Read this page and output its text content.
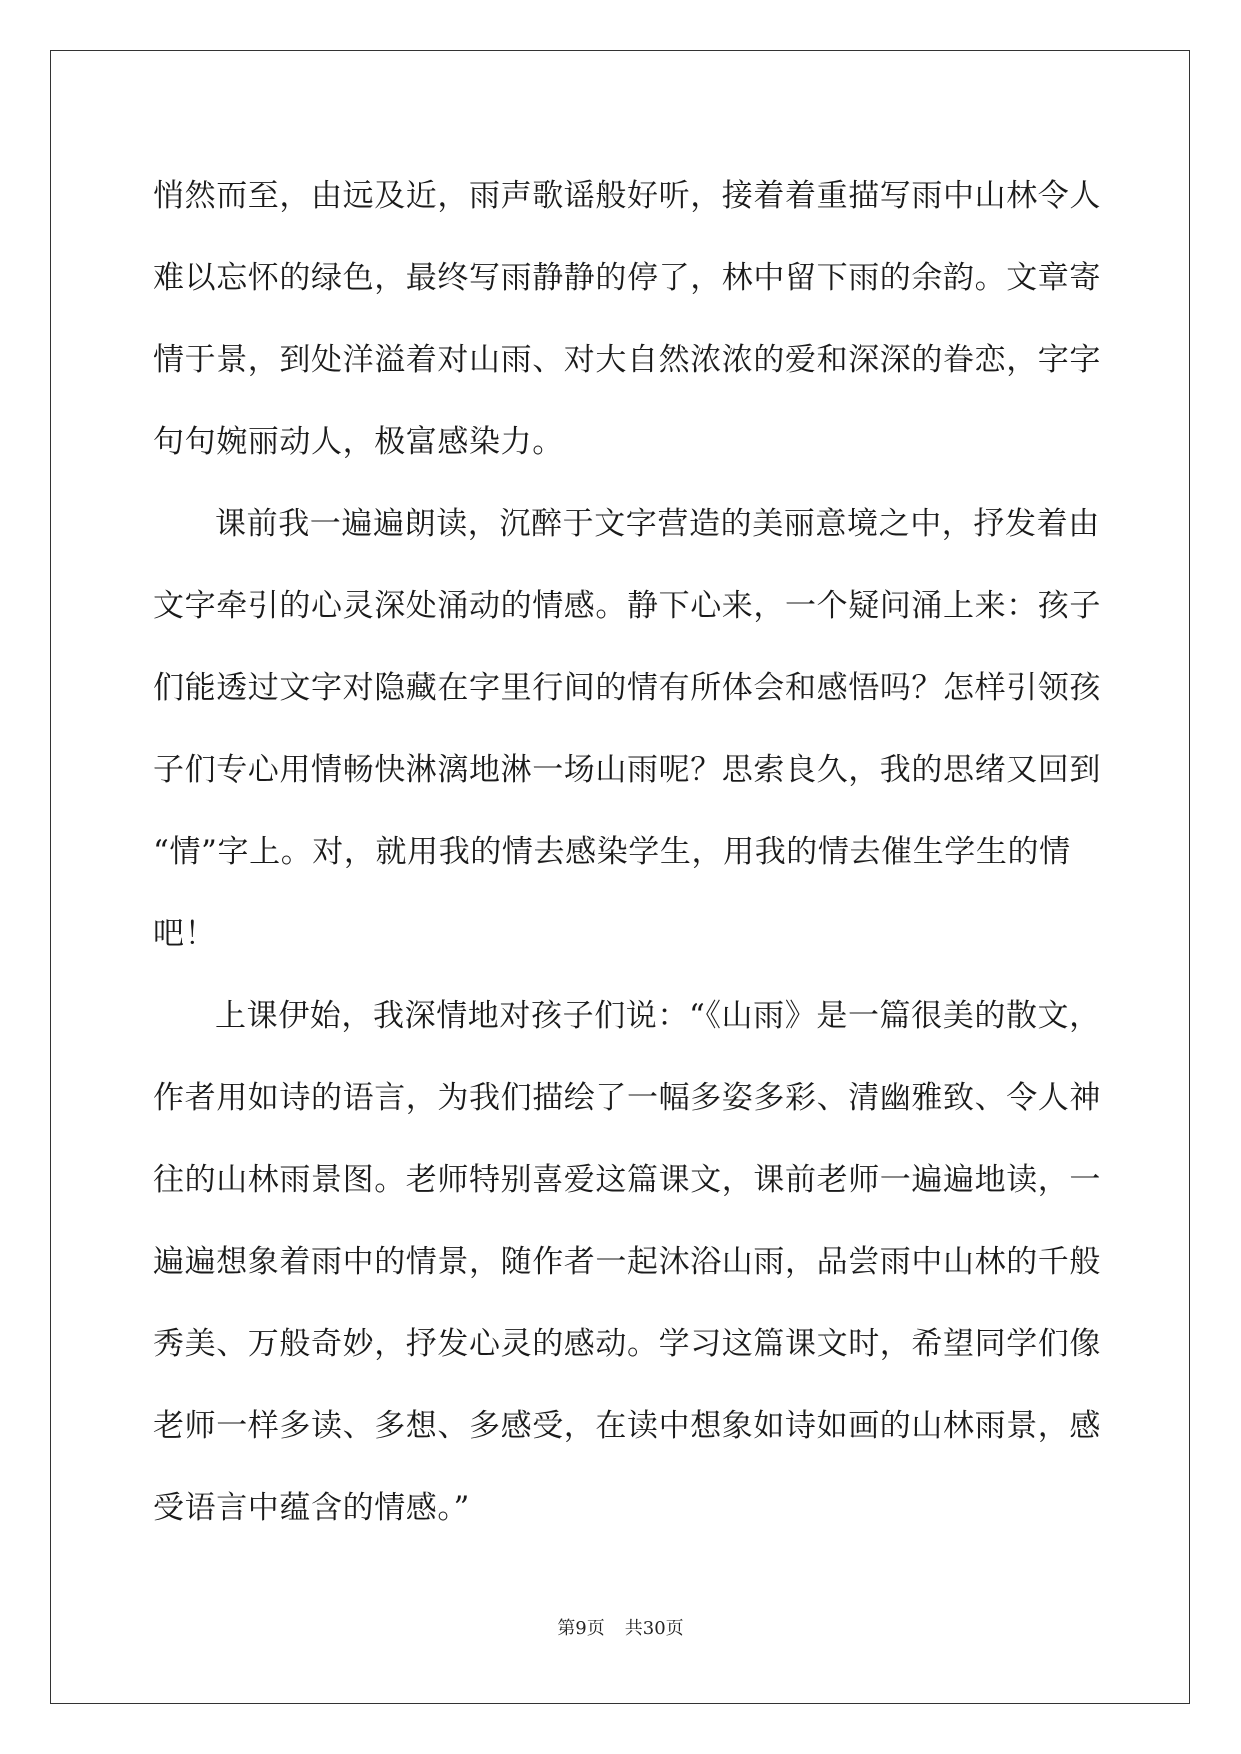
悄然而至，由远及近，雨声歌谣般好听，接着着重描写雨中山林令人
难以忘怀的绿色，最终写雨静静的停了，林中留下雨的余韵。文章寄
情于景，到处洋溢着对山雨、对大自然浓浓的爱和深深的眷恋，字字
句句婉丽动人，极富感染力。
课前我一遍遍朗读，沉醉于文字营造的美丽意境之中，抒发着由
文字牵引的心灵深处涌动的情感。静下心来，一个疑问涌上来：孩子
们能透过文字对隐藏在字里行间的情有所体会和感悟吗？怎样引领孩
子们专心用情畅快淋漓地淋一场山雨呢？思索良久，我的思绪又回到
“情”字上。对，就用我的情去感染学生，用我的情去催生学生的情
吧！
上课伊始，我深情地对孩子们说：“《山雨》是一篇很美的散文，
作者用如诗的语言，为我们描绘了一幅多姿多彩、清幽雅致、令人神
往的山林雨景图。老师特别喜爱这篇课文，课前老师一遍遍地读，一
遍遍想象着雨中的情景，随作者一起沐浴山雨，品尝雨中山林的千般
秀美、万般奇妙，抒发心灵的感动。学习这篇课文时，希望同学们像
老师一样多读、多想、多感受，在读中想象如诗如画的山林雨景，感
受语言中蕴含的情感。”
第9页 共30页
